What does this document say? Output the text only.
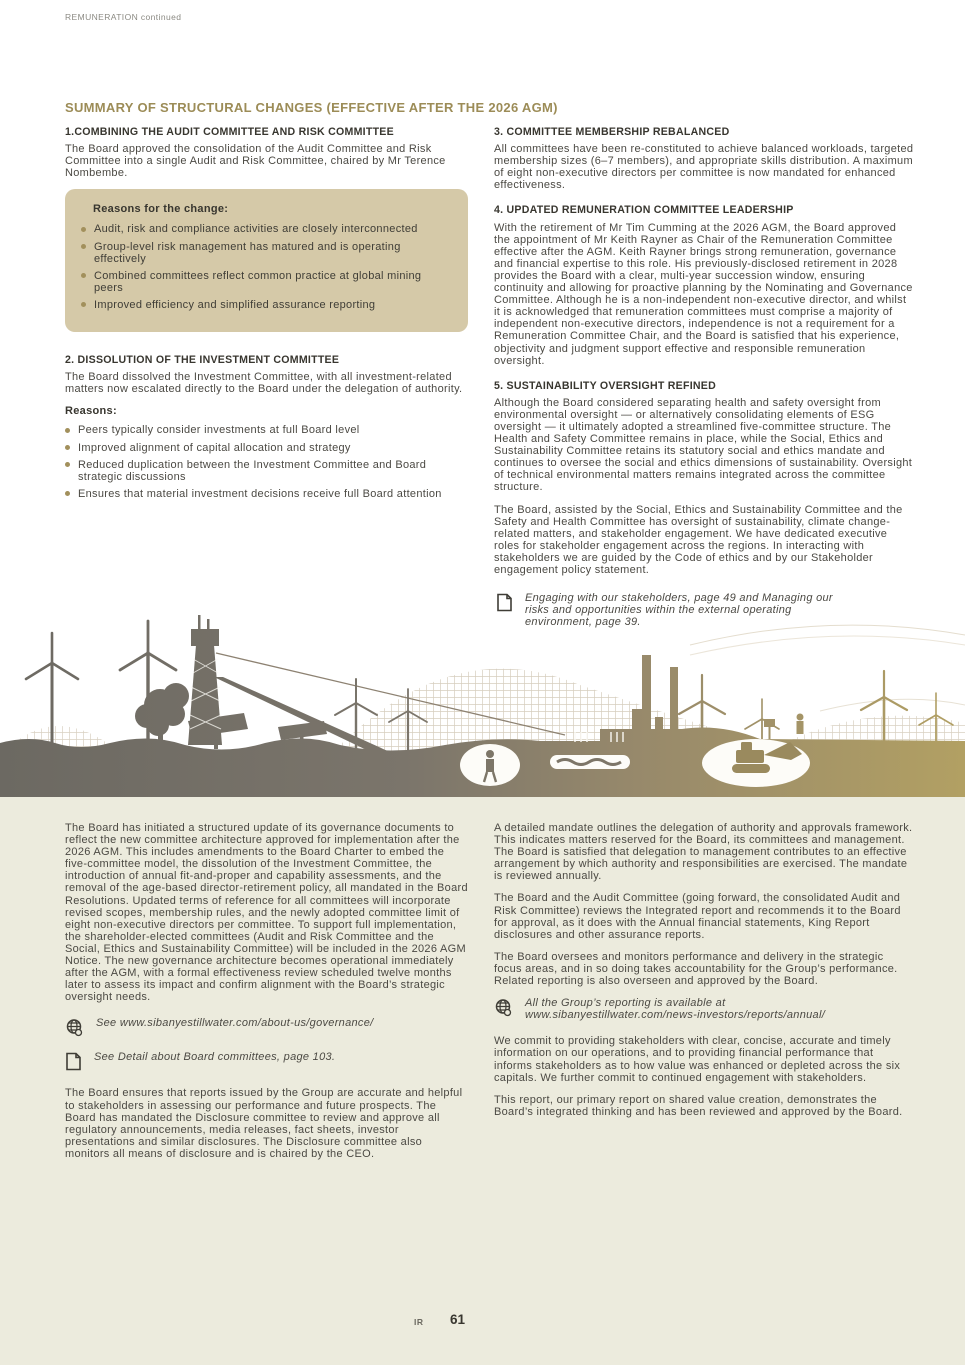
REMUNERATION continued
SUMMARY OF STRUCTURAL CHANGES (EFFECTIVE AFTER THE 2026 AGM)
1.COMBINING THE AUDIT COMMITTEE AND RISK COMMITTEE

The Board approved the consolidation of the Audit Committee and Risk Committee into a single Audit and Risk Committee, chaired by Mr Terence Nombembe.

Reasons for the change:
Audit, risk and compliance activities are closely interconnected
Group-level risk management has matured and is operating effectively
Combined committees reflect common practice at global mining peers
Improved efficiency and simplified assurance reporting
2. DISSOLUTION OF THE INVESTMENT COMMITTEE

The Board dissolved the Investment Committee, with all investment-related matters now escalated directly to the Board under the delegation of authority.

Reasons:
Peers typically consider investments at full Board level
Improved alignment of capital allocation and strategy
Reduced duplication between the Investment Committee and Board strategic discussions
Ensures that material investment decisions receive full Board attention
3. COMMITTEE MEMBERSHIP REBALANCED

All committees have been re-constituted to achieve balanced workloads, targeted membership sizes (6–7 members), and appropriate skills distribution. A maximum of eight non-executive directors per committee is now mandated for enhanced effectiveness.

4. UPDATED REMUNERATION COMMITTEE LEADERSHIP

With the retirement of Mr Tim Cumming at the 2026 AGM, the Board approved the appointment of Mr Keith Rayner as Chair of the Remuneration Committee effective after the AGM. Keith Rayner brings strong remuneration, governance and financial expertise to this role. His previously-disclosed retirement in 2028 provides the Board with a clear, multi-year succession window, ensuring continuity and allowing for proactive planning by the Nominating and Governance Committee. Although he is a non-independent non-executive director, and whilst it is acknowledged that remuneration committees must comprise a majority of independent non-executive directors, independence is not a requirement for a Remuneration Committee Chair, and the Board is satisfied that his experience, objectivity and judgment support effective and responsible remuneration oversight.

5. SUSTAINABILITY OVERSIGHT REFINED

Although the Board considered separating health and safety oversight from environmental oversight — or alternatively consolidating elements of ESG oversight — it ultimately adopted a streamlined five-committee structure. The Health and Safety Committee remains in place, while the Social, Ethics and Sustainability Committee retains its statutory social and ethics mandate and continues to oversee the social and ethics dimensions of sustainability. Oversight of technical environmental matters remains integrated across the committee structure.

The Board, assisted by the Social, Ethics and Sustainability Committee and the Safety and Health Committee has oversight of sustainability, climate change-related matters, and stakeholder engagement. We have dedicated executive roles for stakeholder engagement across the regions. In interacting with stakeholders we are guided by the Code of ethics and by our Stakeholder engagement policy statement.

Engaging with our stakeholders, page 49 and Managing our risks and opportunities within the external operating environment, page 39.

The Board has initiated a structured update of its governance documents to reflect the new committee architecture approved for implementation after the 2026 AGM. This includes amendments to the Board Charter to embed the five-committee model, the dissolution of the Investment Committee, the introduction of annual fit-and-proper and capability assessments, and the removal of the age-based director-retirement policy, all mandated in the Board Resolutions. Updated terms of reference for all committees will incorporate revised scopes, membership rules, and the newly adopted committee limit of eight non-executive directors per committee. To support full implementation, the shareholder-elected committees (Audit and Risk Committee and the Social, Ethics and Sustainability Committee) will be included in the 2026 AGM Notice. The new governance architecture becomes operational immediately after the AGM, with a formal effectiveness review scheduled twelve months later to assess its impact and confirm alignment with the Board’s strategic oversight needs.

See www.sibanyestillwater.com/about-us/governance/
See Detail about Board committees, page 103.

The Board ensures that reports issued by the Group are accurate and helpful to stakeholders in assessing our performance and future prospects. The Board has mandated the Disclosure committee to review and approve all regulatory announcements, media releases, fact sheets, investor presentations and similar disclosures. The Disclosure committee also monitors all means of disclosure and is chaired by the CEO.

A detailed mandate outlines the delegation of authority and approvals framework. This indicates matters reserved for the Board, its committees and management. The Board is satisfied that delegation to management contributes to an effective arrangement by which authority and responsibilities are exercised. The mandate is reviewed annually.

The Board and the Audit Committee (going forward, the consolidated Audit and Risk Committee) reviews the Integrated report and recommends it to the Board for approval, as it does with the Annual financial statements, King Report disclosures and other assurance reports.

The Board oversees and monitors performance and delivery in the strategic focus areas, and in so doing takes accountability for the Group’s performance. Related reporting is also overseen and approved by the Board.

All the Group’s reporting is available at www.sibanyestillwater.com/news-investors/reports/annual/

We commit to providing stakeholders with clear, concise, accurate and timely information on our operations, and to providing financial performance that informs stakeholders as to how value was enhanced or depleted across the six capitals. We further commit to continued engagement with stakeholders.

This report, our primary report on shared value creation, demonstrates the Board’s integrated thinking and has been reviewed and approved by the Board.

IR 61
